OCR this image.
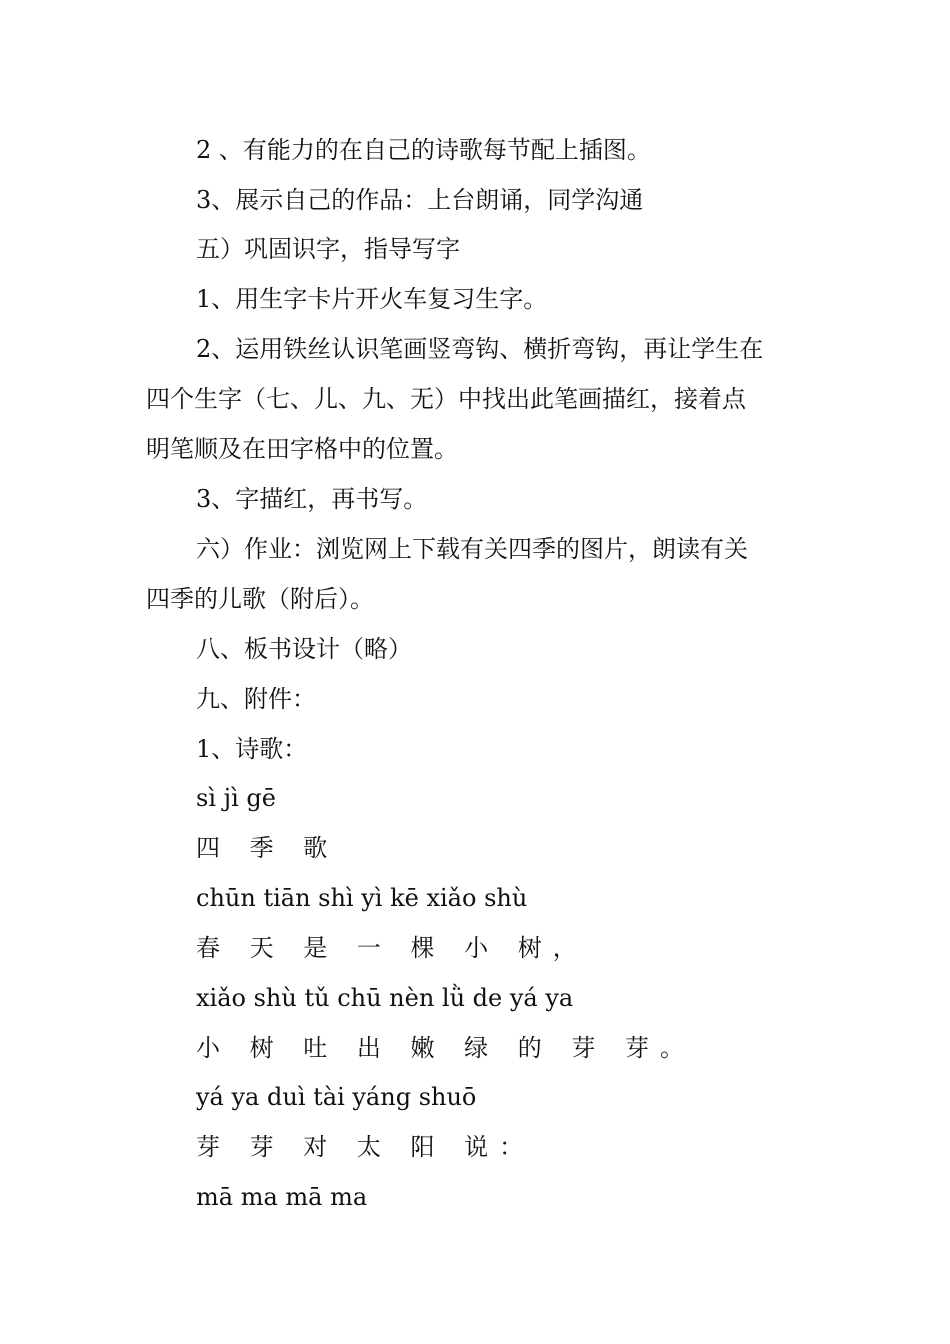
2 、有能力的在自己的诗歌每节配上插图。
3、展示自己的作品：上台朗诵，同学沟通
五）巩固识字，指导写字
1、用生字卡片开火车复习生字。
2、运用铁丝认识笔画竖弯钩、横折弯钩，再让学生在
四个生字（七、儿、九、无）中找出此笔画描红，接着点
明笔顺及在田字格中的位置。
3、字描红，再书写。
六）作业：浏览网上下载有关四季的图片，朗读有关
四季的儿歌（附后）。
八、板书设计（略）
九、附件：
1、诗歌：
sì jì gē
四 季 歌
chūn tiān shì yì kē xiǎo shù
春 天 是 一 棵 小 树，
xiǎo shù tǔ chū nèn lǜ de yá ya
小 树 吐 出 嫩 绿 的 芽 芽。
yá ya duì tài yáng shuō
芽 芽 对 太 阳 说：
mā ma mā ma
